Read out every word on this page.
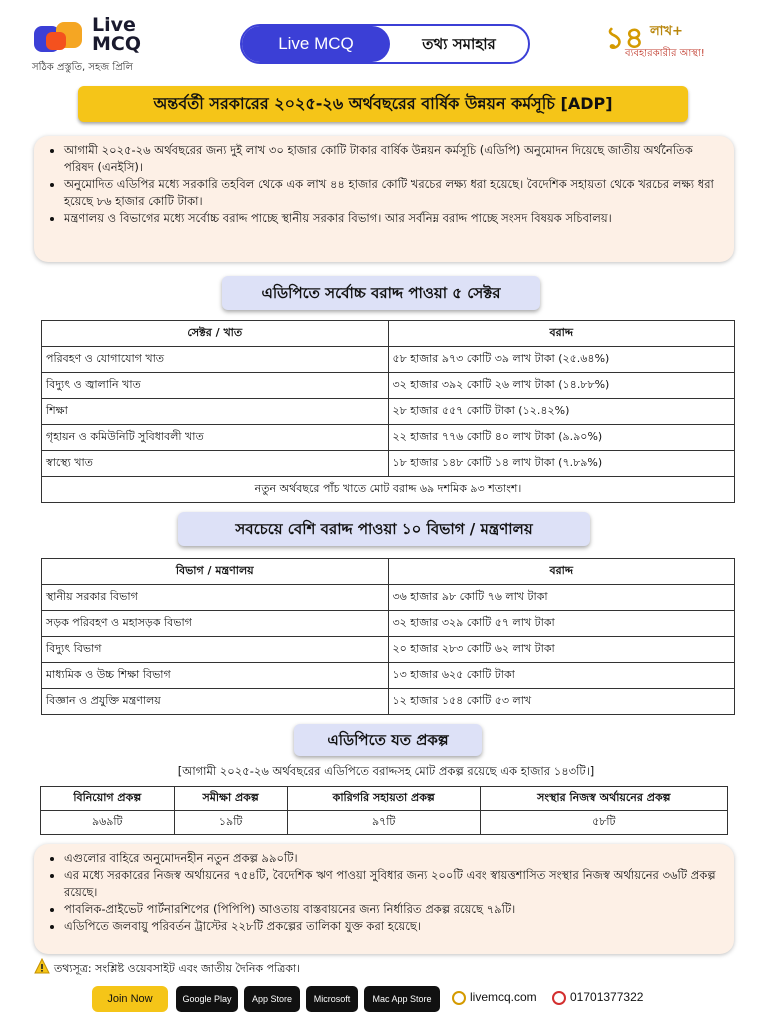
Live
MCQ
সঠিক প্রস্তুতি, সহজ প্রিলি
Live MCQ	তথ্য সমাহার	১৪ লাখ+
ব্যবহারকারীর আস্থা!
অন্তর্বর্তী সরকারের ২০২৫-২৬ অর্থবছরের বার্ষিক উন্নয়ন কর্মসূচি [ADP]
• আগামী ২০২৫-২৬ অর্থবছরের জন্য দুই লাখ ৩০ হাজার কোটি টাকার বার্ষিক উন্নয়ন কর্মসূচি (এডিপি) অনুমোদন দিয়েছে জাতীয় অর্থনৈতিক পরিষদ (এনইসি)।
• অনুমোদিত এডিপির মধ্যে সরকারি তহবিল থেকে এক লাখ ৪৪ হাজার কোটি খরচের লক্ষ্য ধরা হয়েছে। বৈদেশিক সহায়তা থেকে খরচের লক্ষ্য ধরা হয়েছে ৮৬ হাজার কোটি টাকা।
• মন্ত্রণালয় ও বিভাগের মধ্যে সর্বোচ্চ বরাদ্দ পাচ্ছে স্থানীয় সরকার বিভাগ। আর সর্বনিম্ন বরাদ্দ পাচ্ছে সংসদ বিষয়ক সচিবালয়।
এডিপিতে সর্বোচ্চ বরাদ্দ পাওয়া ৫ সেক্টর
সেক্টর / খাত	বরাদ্দ
পরিবহণ ও যোগাযোগ খাত	৫৮ হাজার ৯৭৩ কোটি ৩৯ লাখ টাকা (২৫.৬৪%)
বিদ্যুৎ ও জ্বালানি খাত	৩২ হাজার ৩৯২ কোটি ২৬ লাখ টাকা (১৪.৮৮%)
শিক্ষা	২৮ হাজার ৫৫৭ কোটি টাকা (১২.৪২%)
গৃহায়ন ও কমিউনিটি সুবিধাবলী খাত	২২ হাজার ৭৭৬ কোটি ৪০ লাখ টাকা (৯.৯০%)
স্বাস্থ্যে খাত	১৮ হাজার ১৪৮ কোটি ১৪ লাখ টাকা (৭.৮৯%)
নতুন অর্থবছরে পাঁচ খাতে মোট বরাদ্দ ৬৯ দশমিক ৯৩ শতাংশ।	
সবচেয়ে বেশি বরাদ্দ পাওয়া ১০ বিভাগ / মন্ত্রণালয়
বিভাগ / মন্ত্রণালয়	বরাদ্দ
স্থানীয় সরকার বিভাগ	৩৬ হাজার ৯৮ কোটি ৭৬ লাখ টাকা
সড়ক পরিবহণ ও মহাসড়ক বিভাগ	৩২ হাজার ৩২৯ কোটি ৫৭ লাখ টাকা
বিদ্যুৎ বিভাগ	২০ হাজার ২৮৩ কোটি ৬২ লাখ টাকা
মাধ্যমিক ও উচ্চ শিক্ষা বিভাগ	১৩ হাজার ৬২৫ কোটি টাকা
বিজ্ঞান ও প্রযুক্তি মন্ত্রণালয়	১২ হাজার ১৫৪ কোটি ৫৩ লাখ
এডিপিতে যত প্রকল্প
[আগামী ২০২৫-২৬ অর্থবছরের এডিপিতে বরাদ্দসহ মোট প্রকল্প রয়েছে এক হাজার ১৪৩টি।]
বিনিয়োগ প্রকল্প	সমীক্ষা প্রকল্প	কারিগরি সহায়তা প্রকল্প	সংস্থার নিজস্ব অর্থায়নের প্রকল্প
৯৬৯টি	১৯টি	৯৭টি	৫৮টি
• এগুলোর বাহিরে অনুমোদনহীন নতুন প্রকল্প ৯৯০টি।
• এর মধ্যে সরকারের নিজস্ব অর্থায়নের ৭৫৪টি, বৈদেশিক ঋণ পাওয়া সুবিধার জন্য ২০০টি এবং স্বায়ত্তশাসিত সংস্থার নিজস্ব অর্থায়নের ৩৬টি প্রকল্প রয়েছে।
• পাবলিক-প্রাইভেট পার্টনারশিপের (পিপিপি) আওতায় বাস্তবায়নের জন্য নির্ধারিত প্রকল্প রয়েছে ৭৯টি।
• এডিপিতে জলবায়ু পরিবর্তন ট্রাস্টের ২২৮টি প্রকল্পের তালিকা যুক্ত করা হয়েছে।
তথ্যসূত্র: সংশ্লিষ্ট ওয়েবসাইট এবং জাতীয় দৈনিক পত্রিকা।
Join Now	Google Play	App Store	Microsoft	Mac App Store	livemcq.com	01701377322
